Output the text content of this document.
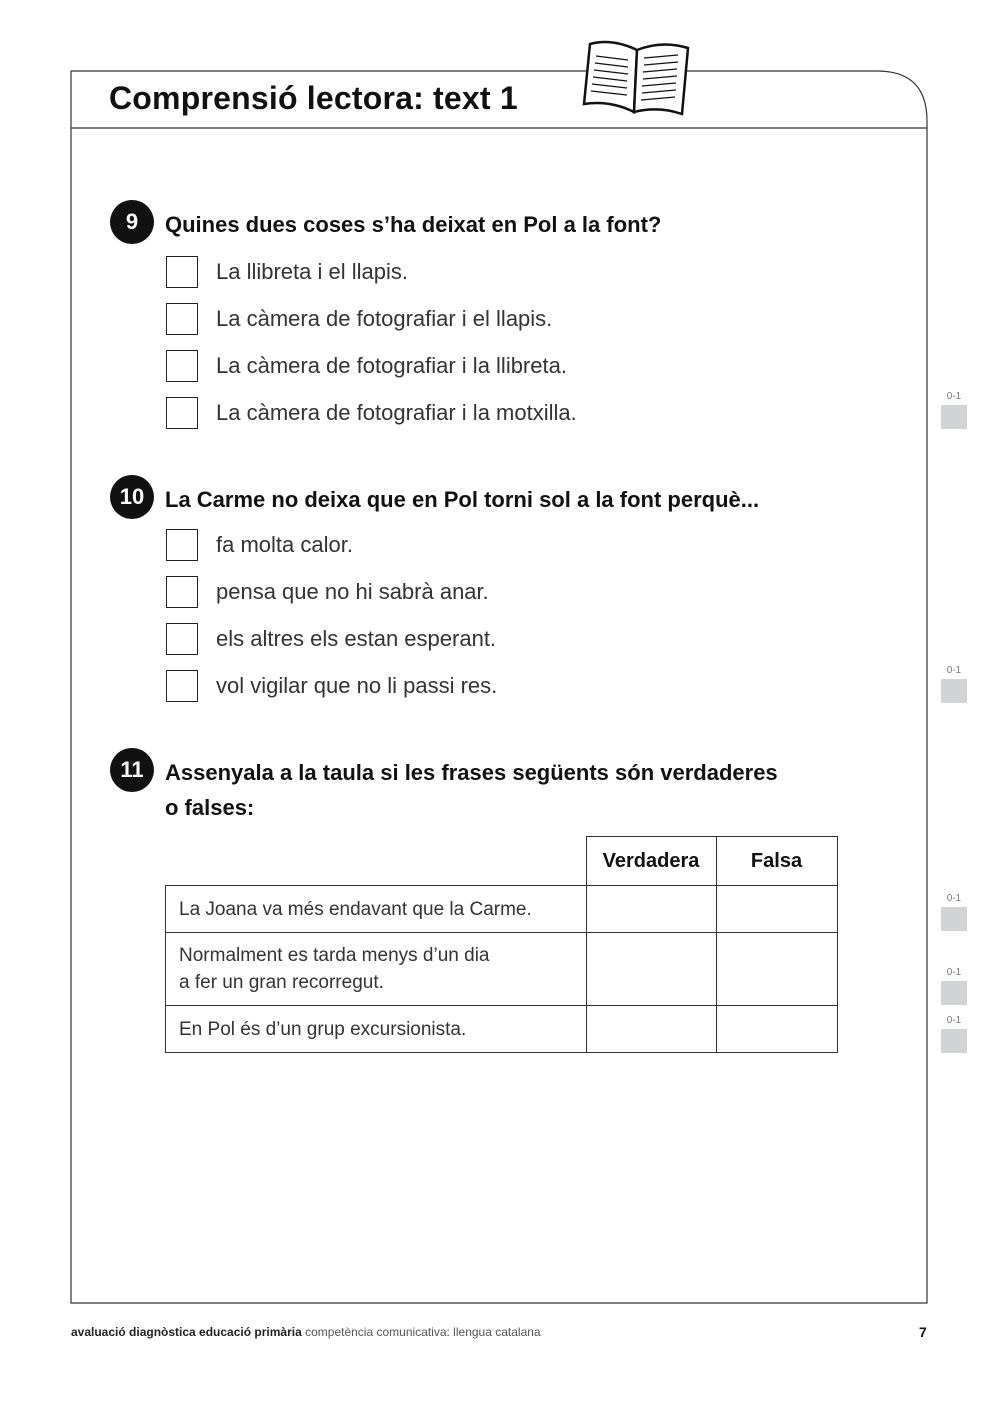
Comprensió lectora: text 1
9	Quines dues coses s’ha deixat en Pol a la font?
La llibreta i el llapis.
La càmera de fotografiar i el llapis.
La càmera de fotografiar i la llibreta.
La càmera de fotografiar i la motxilla.
10 La Carme no deixa que en Pol torni sol a la font perquè...
fa molta calor.
pensa que no hi sabrà anar.
els altres els estan esperant.
vol vigilar que no li passi res.
11 Assenyala a la taula si les frases següents són verdaderes
o falses:
	Verdadera	Falsa
La Joana va més endavant que la Carme.		
Normalment es tarda menys d’un dia
a fer un gran recorregut.		
En Pol és d’un grup excursionista.		
0-1
0-1
0-1
0-1
0-1
avaluació diagnòstica educació primària competència comunicativa: llengua catalana	7
